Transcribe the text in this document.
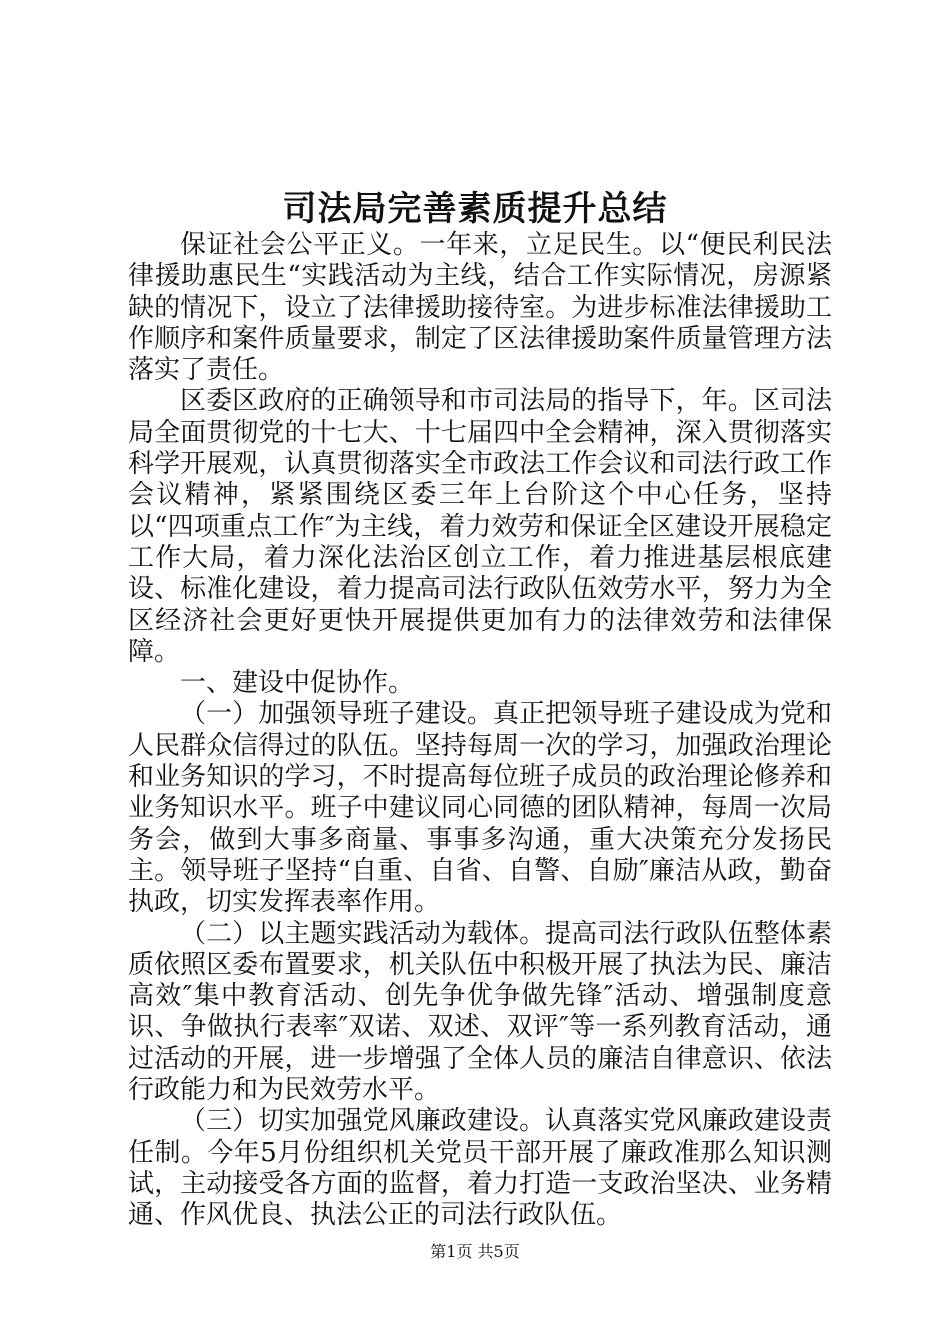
司法局完善素质提升总结

保证社会公平正义。一年来，立足民生。以“便民利民法律援助惠民生“实践活动为主线，结合工作实际情况，房源紧缺的情况下，设立了法律援助接待室。为进步标准法律援助工作顺序和案件质量要求，制定了区法律援助案件质量管理方法落实了责任。

区委区政府的正确领导和市司法局的指导下，年。区司法局全面贯彻党的十七大、十七届四中全会精神，深入贯彻落实科学开展观，认真贯彻落实全市政法工作会议和司法行政工作会议精神，紧紧围绕区委三年上台阶这个中心任务，坚持以“四项重点工作″为主线，着力效劳和保证全区建设开展稳定工作大局，着力深化法治区创立工作，着力推进基层根底建设、标准化建设，着力提高司法行政队伍效劳水平，努力为全区经济社会更好更快开展提供更加有力的法律效劳和法律保障。

一、建设中促协作。

（一）加强领导班子建设。真正把领导班子建设成为党和人民群众信得过的队伍。坚持每周一次的学习，加强政治理论和业务知识的学习，不时提高每位班子成员的政治理论修养和业务知识水平。班子中建议同心同德的团队精神，每周一次局务会，做到大事多商量、事事多沟通，重大决策充分发扬民主。领导班子坚持“自重、自省、自警、自励″廉洁从政，勤奋执政，切实发挥表率作用。

（二）以主题实践活动为载体。提高司法行政队伍整体素质依照区委布置要求，机关队伍中积极开展了执法为民、廉洁高效″集中教育活动、创先争优争做先锋″活动、增强制度意识、争做执行表率″双诺、双述、双评″等一系列教育活动，通过活动的开展，进一步增强了全体人员的廉洁自律意识、依法行政能力和为民效劳水平。

（三）切实加强党风廉政建设。认真落实党风廉政建设责任制。今年5月份组织机关党员干部开展了廉政准那么知识测试，主动接受各方面的监督，着力打造一支政治坚决、业务精通、作风优良、执法公正的司法行政队伍。

第1页 共5页
